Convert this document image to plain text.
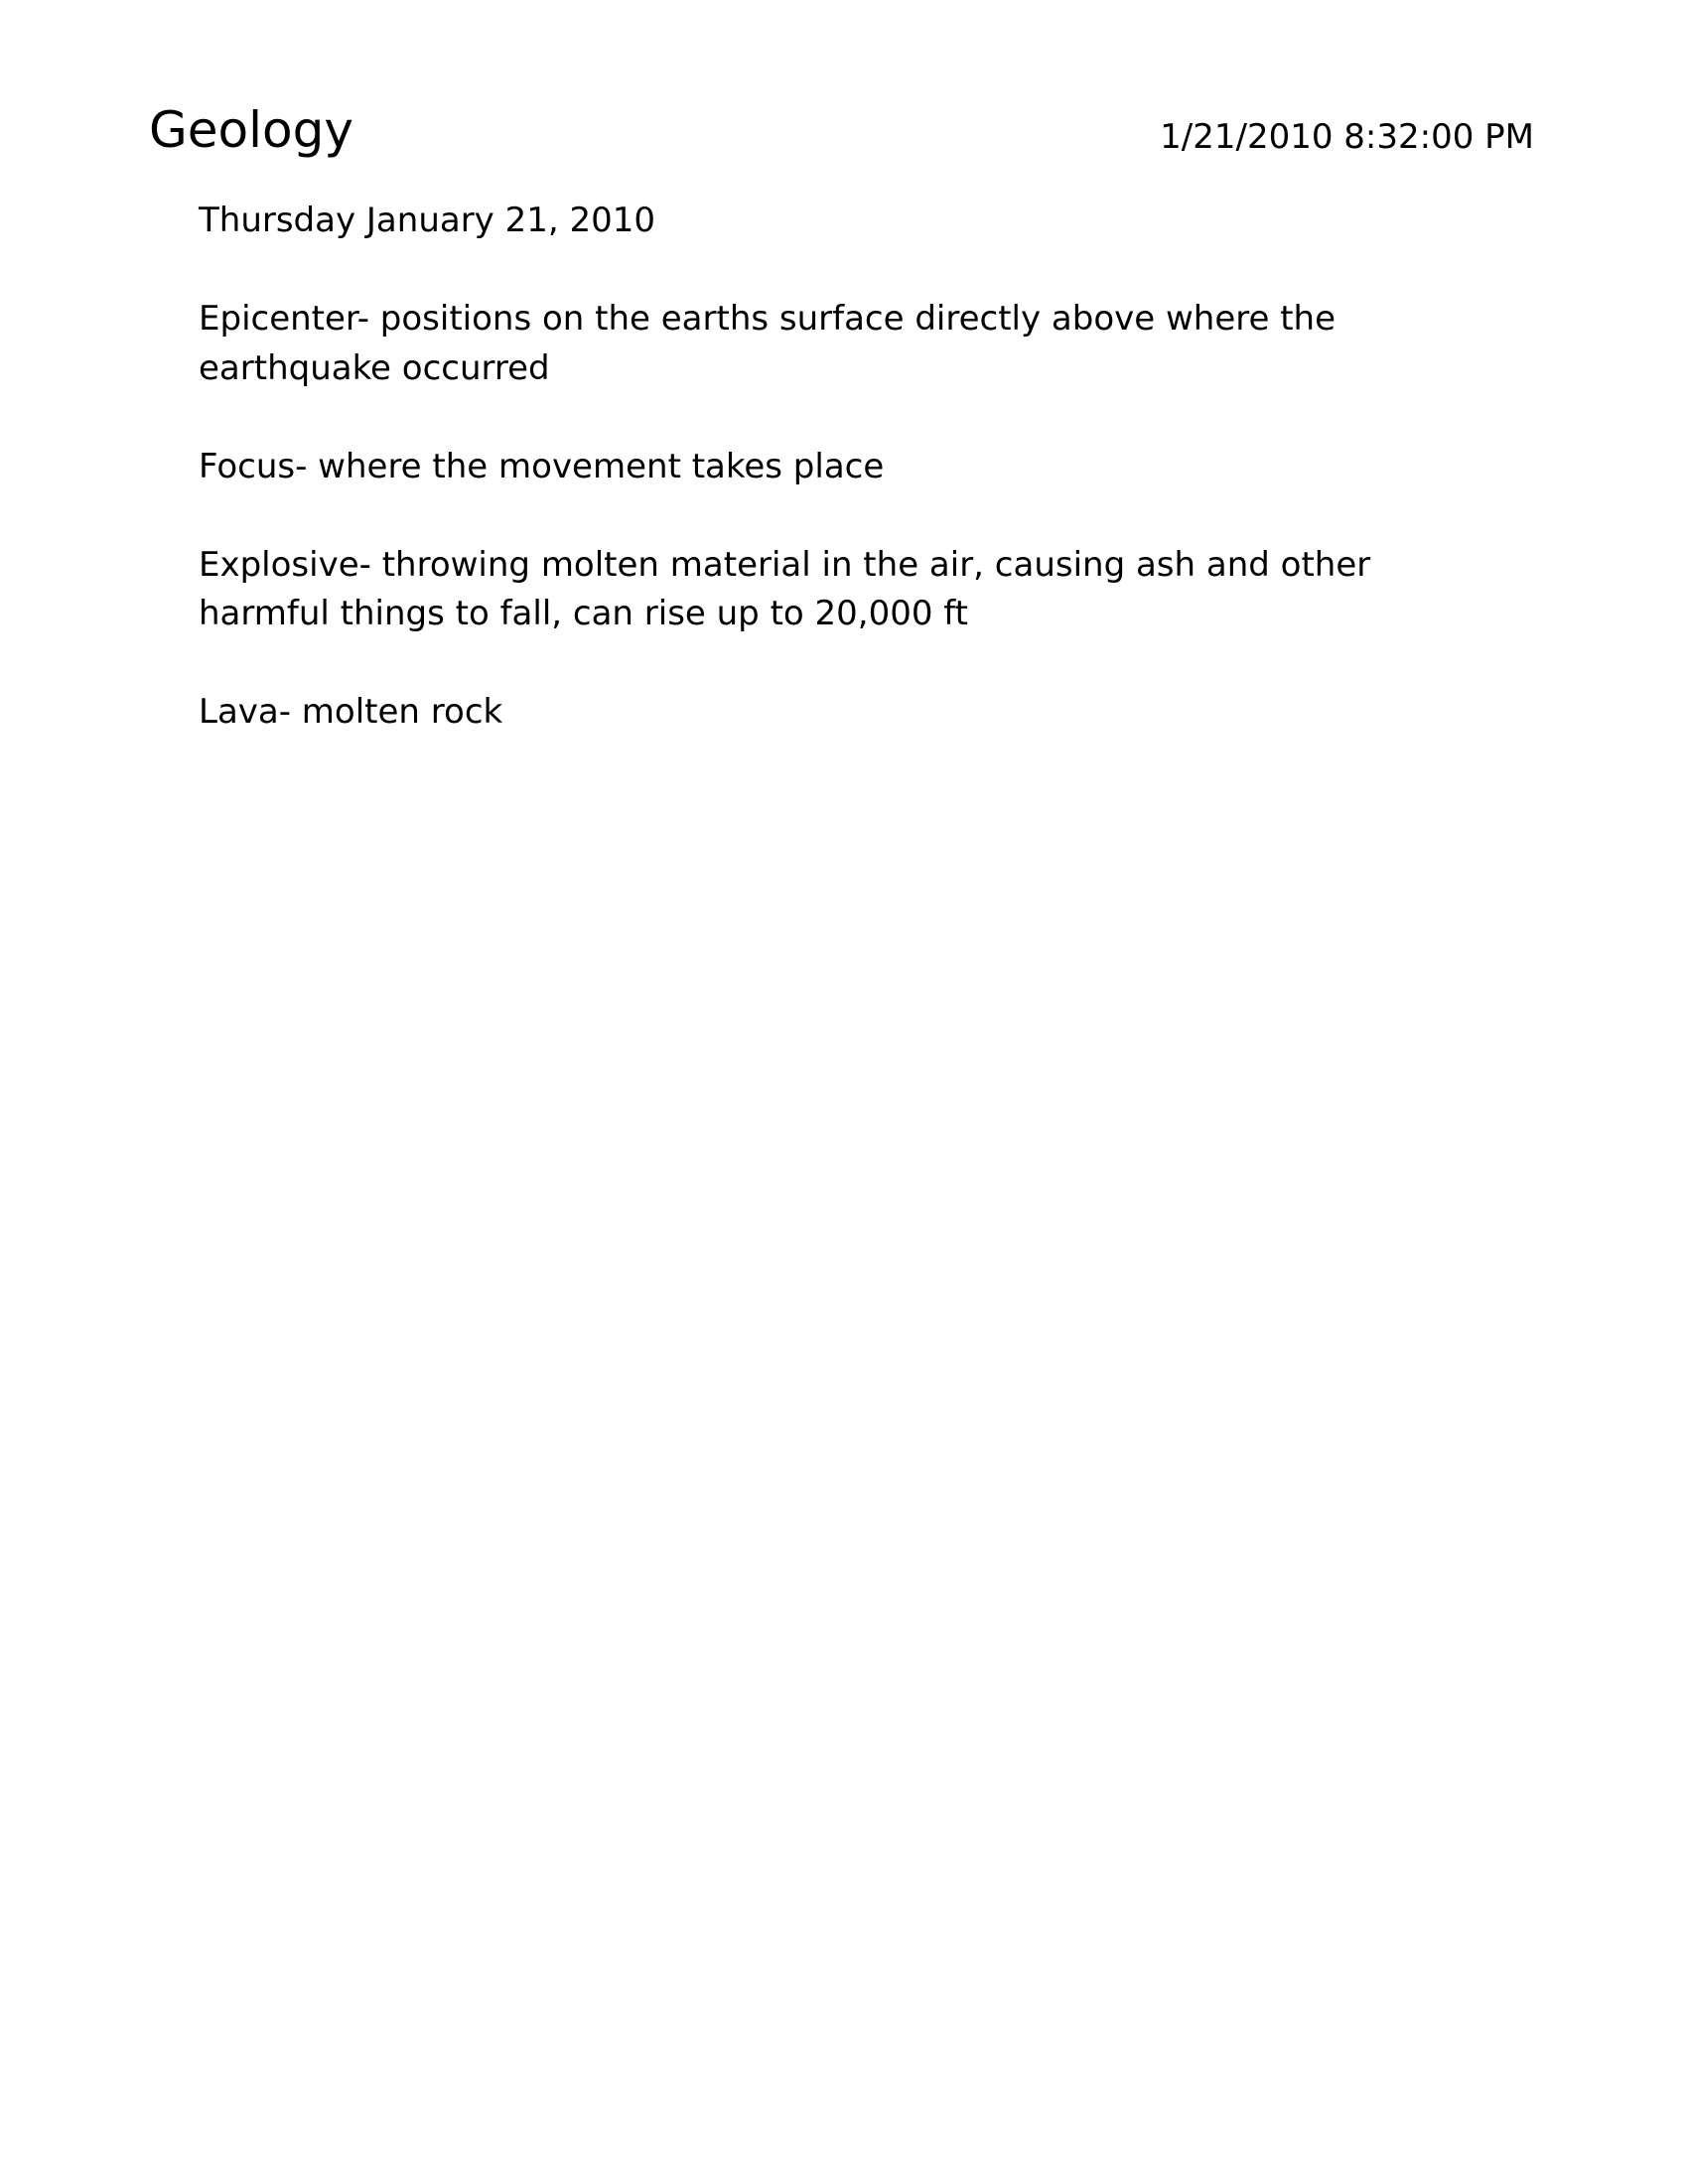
Geology	1/21/2010 8:32:00 PM

Thursday January 21, 2010

Epicenter- positions on the earths surface directly above where the
earthquake occurred

Focus- where the movement takes place

Explosive- throwing molten material in the air, causing ash and other
harmful things to fall, can rise up to 20,000 ft

Lava- molten rock
